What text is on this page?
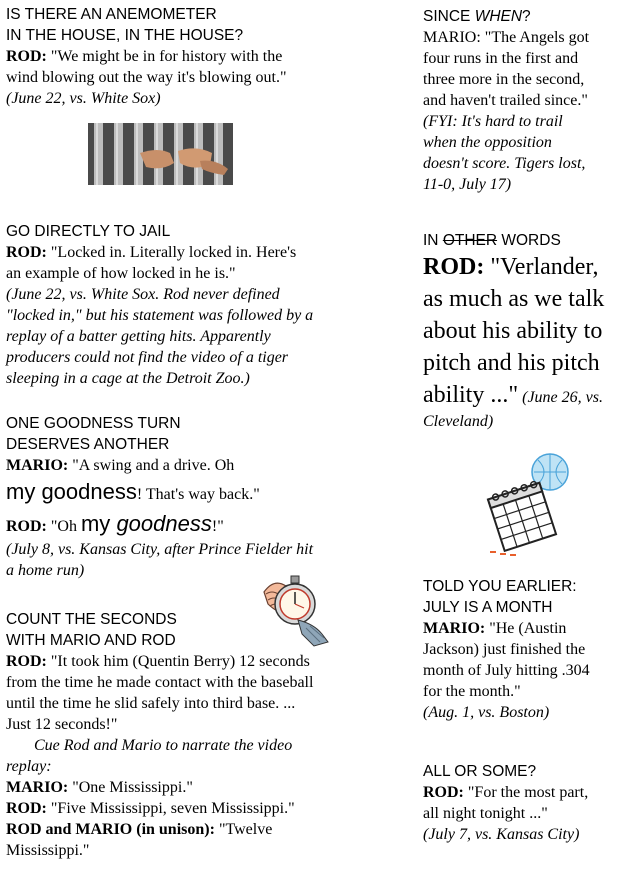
IS THERE AN ANEMOMETER
IN THE HOUSE, IN THE HOUSE?
ROD: "We might be in for history with the
wind blowing out the way it's blowing out."
(June 22, vs. White Sox)
GO DIRECTLY TO JAIL
ROD: "Locked in. Literally locked in. Here's
an example of how locked in he is."
(June 22, vs. White Sox. Rod never defined
"locked in," but his statement was followed by a
replay of a batter getting hits. Apparently
producers could not find the video of a tiger
sleeping in a cage at the Detroit Zoo.)
ONE GOODNESS TURN
DESERVES ANOTHER
MARIO: "A swing and a drive. Oh
my goodness! That's way back."
ROD: "Oh my goodness!"
(July 8, vs. Kansas City, after Prince Fielder hit
a home run)
COUNT THE SECONDS
WITH MARIO AND ROD
ROD: "It took him (Quentin Berry) 12 seconds
from the time he made contact with the baseball
until the time he slid safely into third base. ...
Just 12 seconds!"
Cue Rod and Mario to narrate the video
replay:
MARIO: "One Mississippi."
ROD: "Five Mississippi, seven Mississippi."
ROD and MARIO (in unison): "Twelve
Mississippi."
SINCE WHEN?
MARIO: "The Angels got
four runs in the first and
three more in the second,
and haven't trailed since."
(FYI: It's hard to trail
when the opposition
doesn't score. Tigers lost,
11-0, July 17)
IN OTHER WORDS
ROD: "Verlander,
as much as we talk
about his ability to
pitch and his pitch
ability ..." (June 26, vs.
Cleveland)
TOLD YOU EARLIER:
JULY IS A MONTH
MARIO: "He (Austin
Jackson) just finished the
month of July hitting .304
for the month."
(Aug. 1, vs. Boston)
ALL OR SOME?
ROD: "For the most part,
all night tonight ..."
(July 7, vs. Kansas City)
